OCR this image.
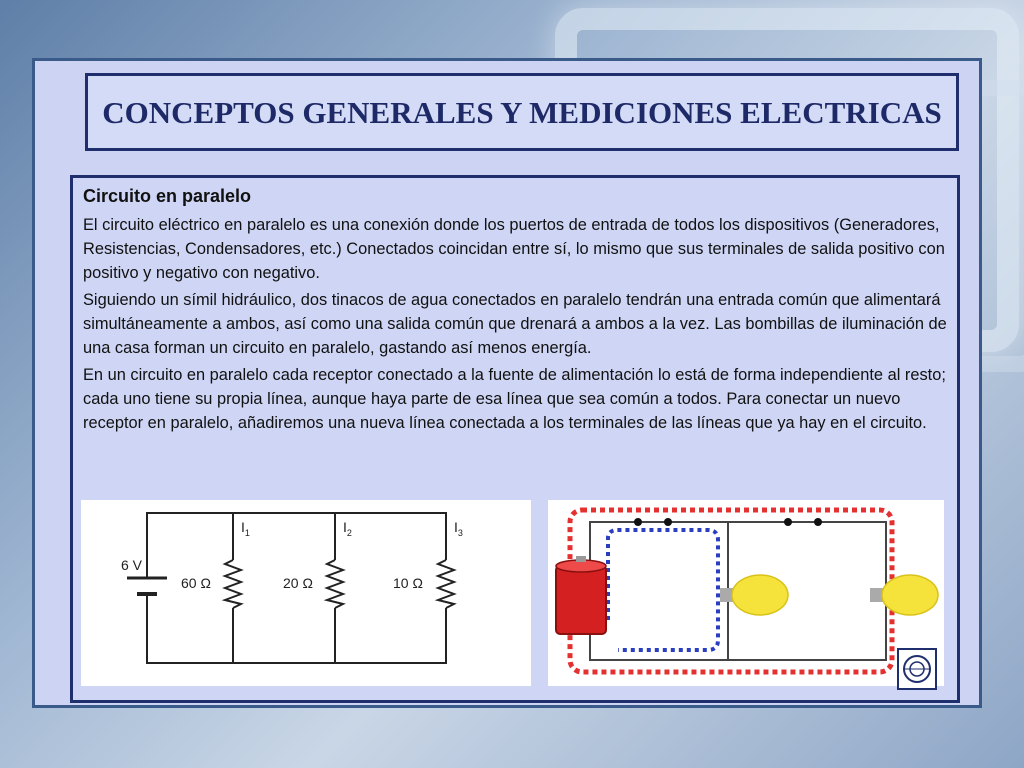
CONCEPTOS GENERALES Y MEDICIONES ELECTRICAS

Circuito en paralelo

El circuito eléctrico en paralelo es una conexión donde los puertos de entrada de todos los dispositivos (Generadores, Resistencias, Condensadores, etc.) Conectados coincidan entre sí, lo mismo que sus terminales de salida positivo con positivo y negativo con negativo.

Siguiendo un símil hidráulico, dos tinacos de agua conectados en paralelo tendrán una entrada común que alimentará simultáneamente a ambos, así como una salida común que drenará a ambos a la vez. Las bombillas de iluminación de una casa forman un circuito en paralelo, gastando así menos energía.

En un circuito en paralelo cada receptor conectado a la fuente de alimentación lo está de forma independiente al resto; cada uno tiene su propia línea, aunque haya parte de esa línea que sea común a todos. Para conectar un nuevo receptor en paralelo, añadiremos una nueva línea conectada a los terminales de las líneas que ya hay en el circuito.

6 V
60 Ω	20 Ω	10 Ω
$I_1$	$I_2$	$I_3$
